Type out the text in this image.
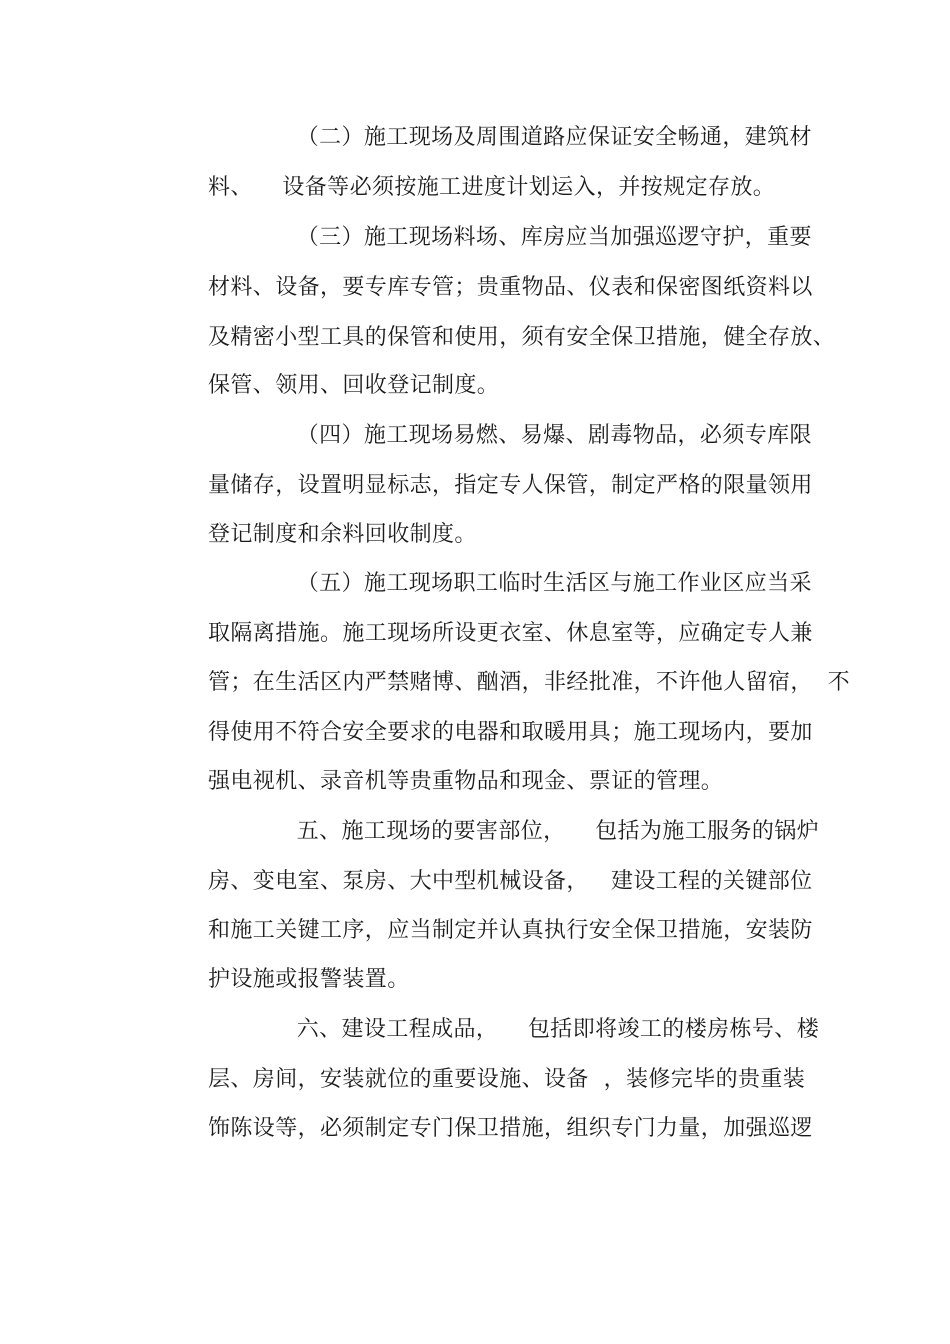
（二）施工现场及周围道路应保证安全畅通，建筑材
料、    设备等必须按施工进度计划运入，并按规定存放。
（三）施工现场料场、库房应当加强巡逻守护，重要
材料、设备，要专库专管；贵重物品、仪表和保密图纸资料以
及精密小型工具的保管和使用，须有安全保卫措施，健全存放、
保管、领用、回收登记制度。
（四）施工现场易燃、易爆、剧毒物品，必须专库限
量储存，设置明显标志，指定专人保管，制定严格的限量领用
登记制度和余料回收制度。
（五）施工现场职工临时生活区与施工作业区应当采
取隔离措施。施工现场所设更衣室、休息室等，应确定专人兼
管；在生活区内严禁赌博、酗酒，非经批准，不许他人留宿，  不
得使用不符合安全要求的电器和取暖用具；施工现场内，要加
强电视机、录音机等贵重物品和现金、票证的管理。
五、施工现场的要害部位，    包括为施工服务的锅炉
房、变电室、泵房、大中型机械设备，   建设工程的关键部位
和施工关键工序，应当制定并认真执行安全保卫措施，安装防
护设施或报警装置。
六、建设工程成品，    包括即将竣工的楼房栋号、楼
层、房间，安装就位的重要设施、设备  ，装修完毕的贵重装
饰陈设等，必须制定专门保卫措施，组织专门力量，加强巡逻
